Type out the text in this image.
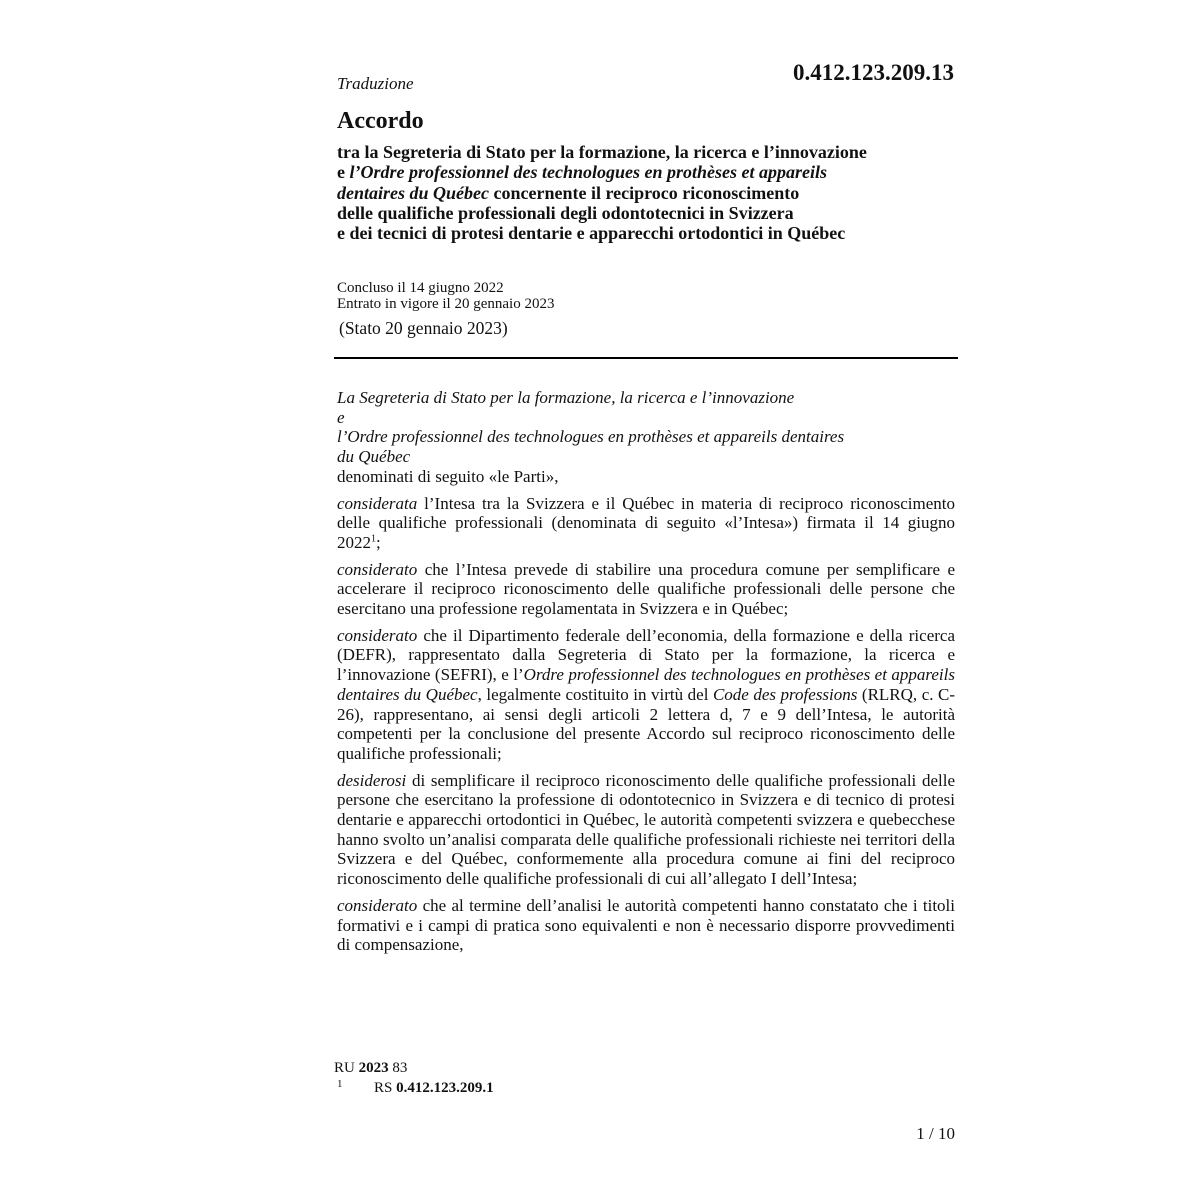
Traduzione	0.412.123.209.13
Accordo
tra la Segreteria di Stato per la formazione, la ricerca e l’innovazione
e l’Ordre professionnel des technologues en prothèses et appareils
dentaires du Québec concernente il reciproco riconoscimento
delle qualifiche professionali degli odontotecnici in Svizzera
e dei tecnici di protesi dentarie e apparecchi ortodontici in Québec
Concluso il 14 giugno 2022
Entrato in vigore il 20 gennaio 2023
(Stato 20 gennaio 2023)
La Segreteria di Stato per la formazione, la ricerca e l’innovazione
e
l’Ordre professionnel des technologues en prothèses et appareils dentaires
du Québec
denominati di seguito «le Parti»,
considerata l’Intesa tra la Svizzera e il Québec in materia di reciproco riconoscimento delle qualifiche professionali (denominata di seguito «l’Intesa») firmata il 14 giugno 2022$^1$;
considerato che l’Intesa prevede di stabilire una procedura comune per semplificare e accelerare il reciproco riconoscimento delle qualifiche professionali delle persone che esercitano una professione regolamentata in Svizzera e in Québec;
considerato che il Dipartimento federale dell’economia, della formazione e della ricerca (DEFR), rappresentato dalla Segreteria di Stato per la formazione, la ricerca e l’innovazione (SEFRI), e l’Ordre professionnel des technologues en prothèses et appareils dentaires du Québec, legalmente costituito in virtù del Code des professions (RLRQ, c. C-26), rappresentano, ai sensi degli articoli 2 lettera d, 7 e 9 dell’Intesa, le autorità competenti per la conclusione del presente Accordo sul reciproco riconoscimento delle qualifiche professionali;
desiderosi di semplificare il reciproco riconoscimento delle qualifiche professionali delle persone che esercitano la professione di odontotecnico in Svizzera e di tecnico di protesi dentarie e apparecchi ortodontici in Québec, le autorità competenti svizzera e quebecchese hanno svolto un’analisi comparata delle qualifiche professionali richieste nei territori della Svizzera e del Québec, conformemente alla procedura comune ai fini del reciproco riconoscimento delle qualifiche professionali di cui all’allegato I dell’Intesa;
considerato che al termine dell’analisi le autorità competenti hanno constatato che i titoli formativi e i campi di pratica sono equivalenti e non è necessario disporre provvedimenti di compensazione,
RU 2023 83
1 RS 0.412.123.209.1
1 / 10
